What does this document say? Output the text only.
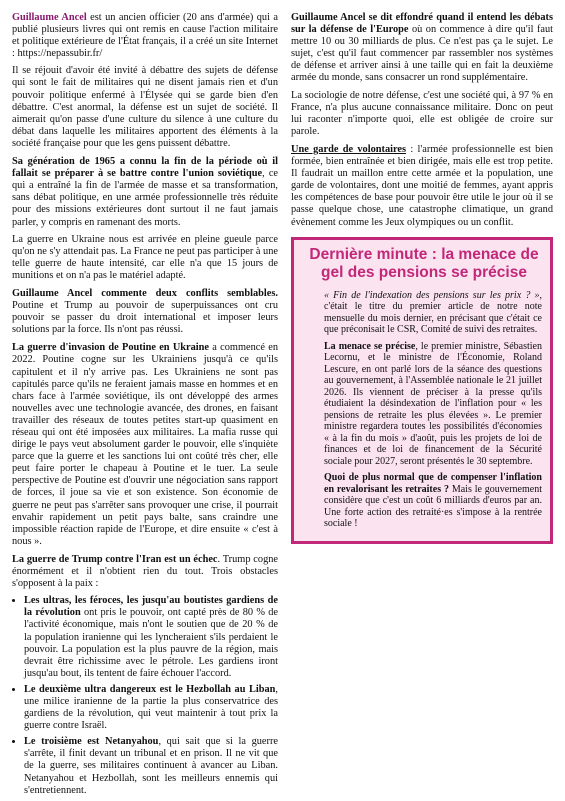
Guillaume Ancel est un ancien officier (20 ans d'armée) qui a publié plusieurs livres qui ont remis en cause l'action militaire et politique extérieure de l'État français, il a créé un site Internet : https://nepassubir.fr/

Il se réjouit d'avoir été invité à débattre des sujets de défense qui sont le fait de militaires qui ne disent jamais rien et d'un pouvoir politique enfermé à l'Élysée qui se garde bien d'en débattre. C'est anormal, la défense est un sujet de société. Il aimerait qu'on passe d'une culture du silence à une culture du débat dans laquelle les militaires apportent des éléments à la société française pour que les gens puissent débattre.

Sa génération de 1965 a connu la fin de la période où il fallait se préparer à se battre contre l'union soviétique, ce qui a entraîné la fin de l'armée de masse et sa transformation, sans débat politique, en une armée professionnelle très réduite pour des missions extérieures dont surtout il ne faut jamais parler, y compris en ramenant des morts.

La guerre en Ukraine nous est arrivée en pleine gueule parce qu'on ne s'y attendait pas. La France ne peut pas participer à une telle guerre de haute intensité, car elle n'a que 15 jours de munitions et on n'a pas le matériel adapté.

Guillaume Ancel commente deux conflits semblables. Poutine et Trump au pouvoir de superpuissances ont cru pouvoir se passer du droit international et imposer leurs solutions par la force. Ils n'ont pas réussi.

La guerre d'invasion de Poutine en Ukraine a commencé en 2022. Poutine cogne sur les Ukrainiens jusqu'à ce qu'ils capitulent et il n'y arrive pas. Les Ukrainiens ne sont pas capitulés parce qu'ils ne feraient jamais masse en hommes et en chars face à l'armée soviétique, ils ont développé des armes nouvelles avec une technologie avancée, des drones, en faisant travailler des réseaux de toutes petites start-up quasiment en réseau qui ont été imposées aux militaires. La mafia russe qui dirige le pays veut absolument garder le pouvoir, elle s'inquiète parce que la guerre et les sanctions lui ont coûté très cher, elle peut faire porter le chapeau à Poutine et le tuer. La seule perspective de Poutine est d'ouvrir une négociation sans rapport de forces, il joue sa vie et son existence. Son économie de guerre ne peut pas s'arrêter sans provoquer une crise, il pourrait envahir rapidement un petit pays balte, sans craindre une impossible réaction rapide de l'Europe, et dire ensuite « c'est à nous ».

La guerre de Trump contre l'Iran est un échec. Trump cogne énormément et il n'obtient rien du tout. Trois obstacles s'opposent à la paix :

• Les ultras, les féroces, les jusqu'au boutistes gardiens de la révolution ont pris le pouvoir, ont capté près de 80 % de l'activité économique, mais n'ont le soutien que de 20 % de la population iranienne qui les lyncheraient s'ils perdaient le pouvoir. La population est la plus pauvre de la région, mais devrait être richissime avec le pétrole. Les gardiens iront jusqu'au bout, ils tentent de faire échouer l'accord.
• Le deuxième ultra dangereux est le Hezbollah au Liban, une milice iranienne de la partie la plus conservatrice des gardiens de la révolution, qui veut maintenir à tout prix la guerre contre Israël.
• Le troisième est Netanyahou, qui sait que si la guerre s'arrête, il finit devant un tribunal et en prison. Il ne vit que de la guerre, ses militaires continuent à avancer au Liban. Netanyahou et Hezbollah, sont les meilleurs ennemis qui s'entretiennent.

Guillaume Ancel se dit effondré quand il entend les débats sur la défense de l'Europe où on commence à dire qu'il faut mettre 10 ou 30 milliards de plus. Ce n'est pas ça le sujet. Le sujet, c'est qu'il faut commencer par rassembler nos systèmes de défense et arriver ainsi à une taille qui en fait la deuxième armée du monde, sans consacrer un rond supplémentaire.

La sociologie de notre défense, c'est une société qui, à 97 % en France, n'a plus aucune connaissance militaire. Donc on peut lui raconter n'importe quoi, elle est obligée de croire sur parole.

Une garde de volontaires : l'armée professionnelle est bien formée, bien entraînée et bien dirigée, mais elle est trop petite. Il faudrait un maillon entre cette armée et la population, une garde de volontaires, dont une moitié de femmes, ayant appris les compétences de base pour pouvoir être utile le jour où il se passe quelque chose, une catastrophe climatique, un grand évènement comme les Jeux olympiques ou un conflit.

Dernière minute : la menace de gel des pensions se précise

« Fin de l'indexation des pensions sur les prix ? », c'était le titre du premier article de notre note mensuelle du mois dernier, en précisant que c'était ce que préconisait le CSR, Comité de suivi des retraites.

La menace se précise, le premier ministre, Sébastien Lecornu, et le ministre de l'Économie, Roland Lescure, en ont parlé lors de la séance des questions au gouvernement, à l'Assemblée nationale le 21 juillet 2026. Ils viennent de préciser à la presse qu'ils étudiaient la désindexation de l'inflation pour « les pensions de retraite les plus élevées ». Le premier ministre regardera toutes les possibilités d'économies « à la fin du mois » d'août, puis les projets de loi de finances et de loi de financement de la Sécurité sociale pour 2027, seront présentés le 30 septembre.

Quoi de plus normal que de compenser l'inflation en revalorisant les retraites ? Mais le gouvernement considère que c'est un coût 6 milliards d'euros par an. Une forte action des retraité·es s'impose à la rentrée sociale !
